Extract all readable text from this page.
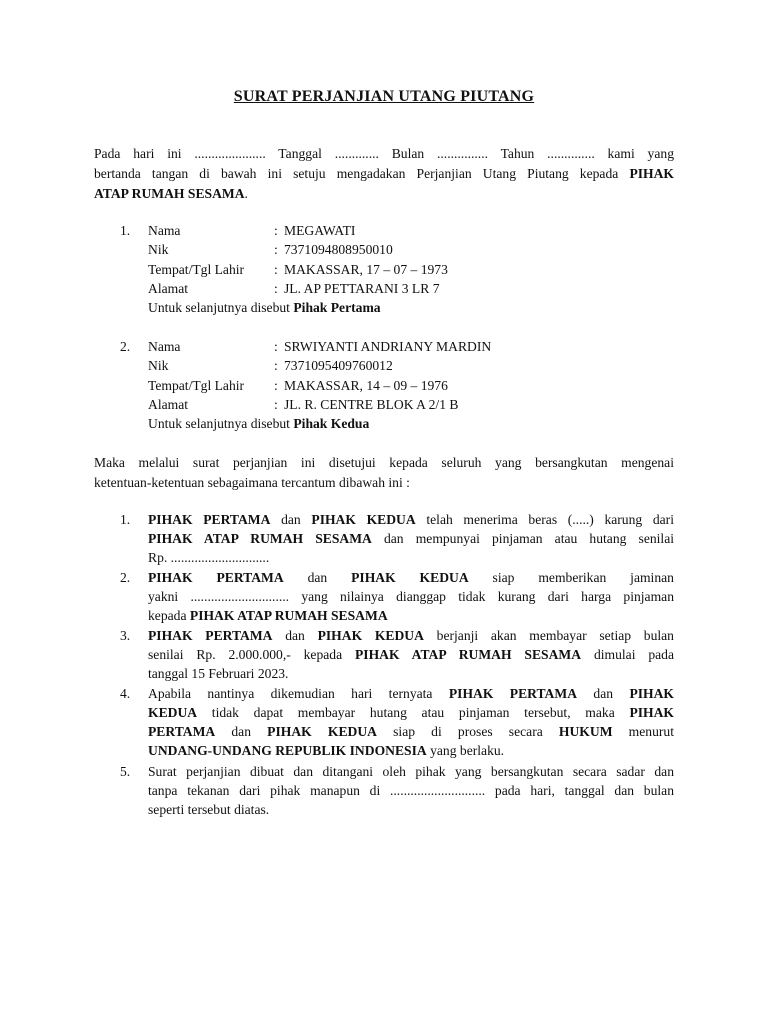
SURAT PERJANJIAN UTANG PIUTANG
Pada hari ini ..................... Tanggal ............. Bulan ............... Tahun .............. kami yang
bertanda tangan di bawah ini setuju mengadakan Perjanjian Utang Piutang kepada PIHAK
ATAP RUMAH SESAMA.
1. Nama	: MEGAWATI
Nik	: 7371094808950010
Tempat/Tgl Lahir	: MAKASSAR, 17 – 07 – 1973
Alamat	: JL. AP PETTARANI 3 LR 7
Untuk selanjutnya disebut Pihak Pertama
2. Nama	: SRWIYANTI ANDRIANY MARDIN
Nik	: 7371095409760012
Tempat/Tgl Lahir	: MAKASSAR, 14 – 09 – 1976
Alamat	: JL. R. CENTRE BLOK A 2/1 B
Untuk selanjutnya disebut Pihak Kedua
Maka melalui surat perjanjian ini disetujui kepada seluruh yang bersangkutan mengenai
ketentuan-ketentuan sebagaimana tercantum dibawah ini :
1. PIHAK PERTAMA dan PIHAK KEDUA telah menerima beras (.....) karung dari
PIHAK ATAP RUMAH SESAMA dan mempunyai pinjaman atau hutang senilai
Rp. .............................
2. PIHAK PERTAMA dan PIHAK KEDUA siap memberikan jaminan
yakni ............................. yang nilainya dianggap tidak kurang dari harga pinjaman
kepada PIHAK ATAP RUMAH SESAMA
3. PIHAK PERTAMA dan PIHAK KEDUA berjanji akan membayar setiap bulan
senilai Rp. 2.000.000,- kepada PIHAK ATAP RUMAH SESAMA dimulai pada
tanggal 15 Februari 2023.
4. Apabila nantinya dikemudian hari ternyata PIHAK PERTAMA dan PIHAK
KEDUA tidak dapat membayar hutang atau pinjaman tersebut, maka PIHAK
PERTAMA dan PIHAK KEDUA siap di proses secara HUKUM menurut
UNDANG-UNDANG REPUBLIK INDONESIA yang berlaku.
5. Surat perjanjian dibuat dan ditangani oleh pihak yang bersangkutan secara sadar dan
tanpa tekanan dari pihak manapun di ............................ pada hari, tanggal dan bulan
seperti tersebut diatas.
